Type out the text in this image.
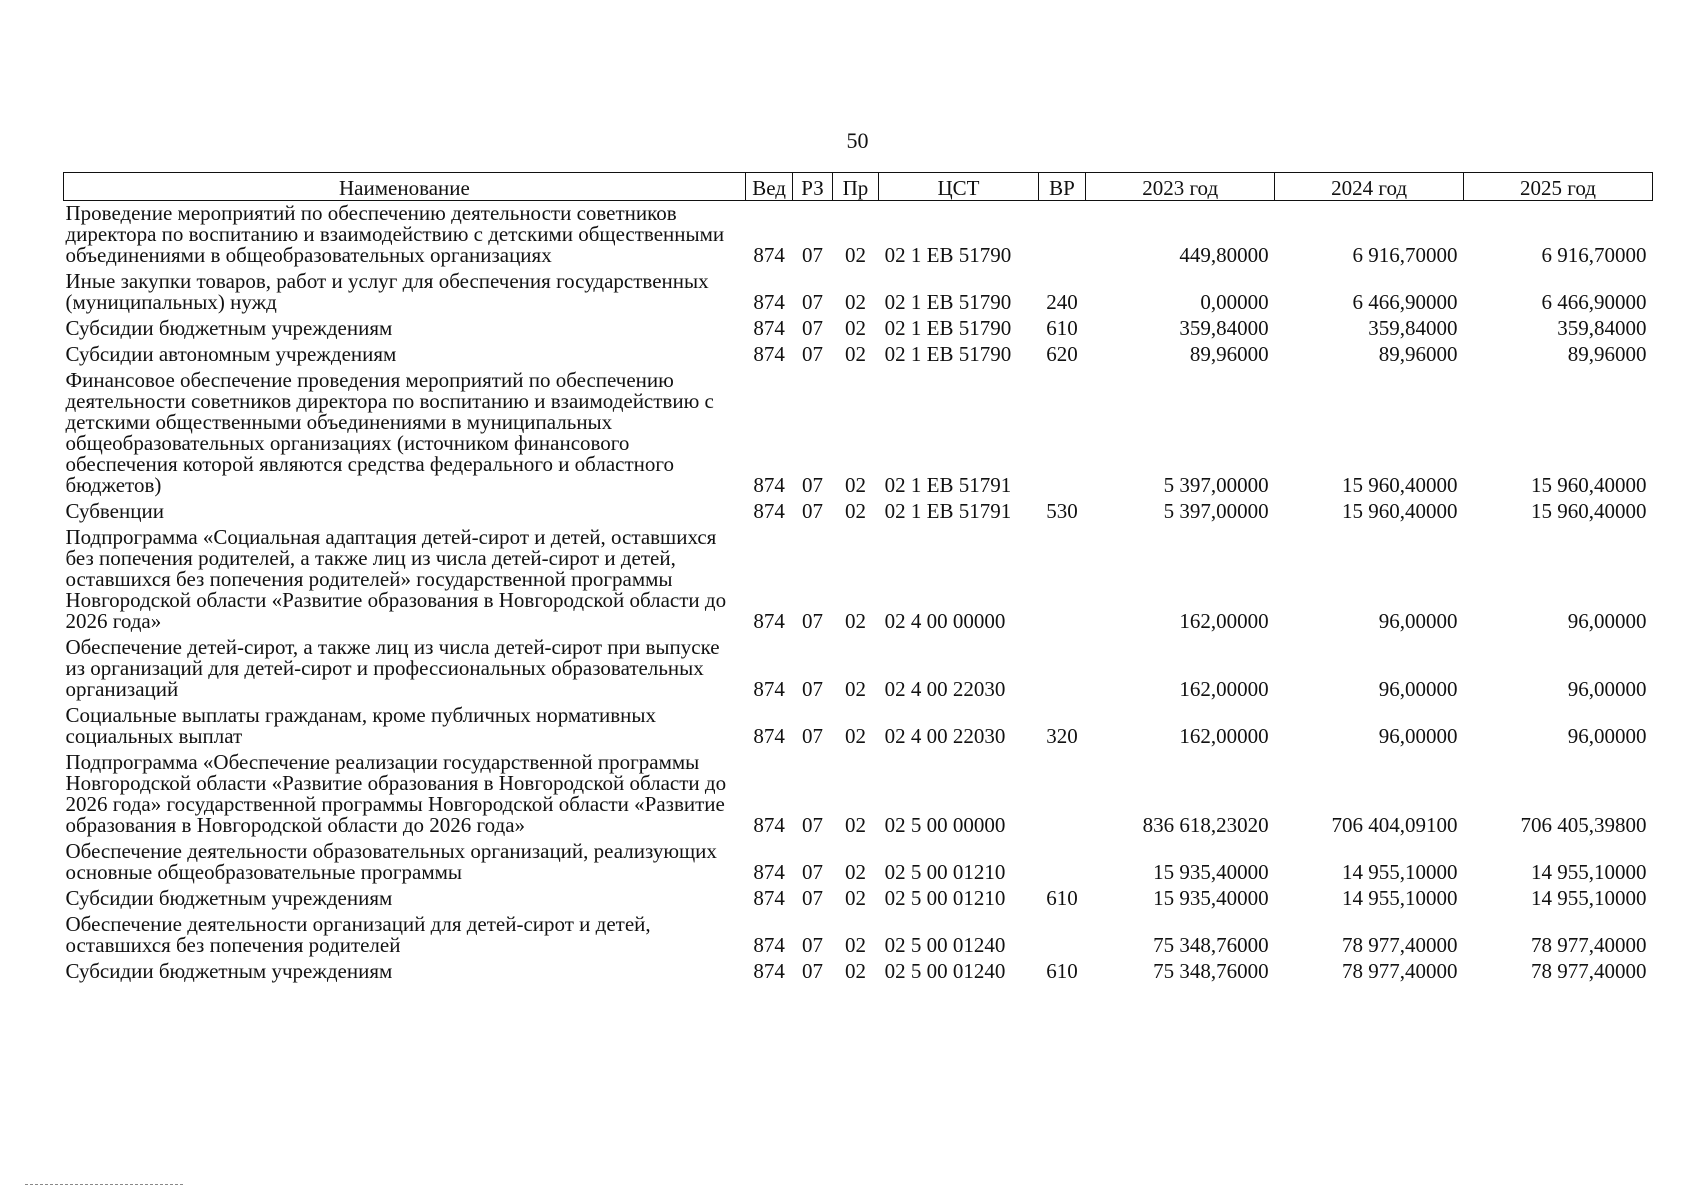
50
Наименование	Вед	РЗ	Пр	ЦСТ	ВР	2023 год	2024 год	2025 год
Проведение мероприятий по обеспечению деятельности советников директора по воспитанию и взаимодействию с детскими общественными объединениями в общеобразовательных организациях	874	07	02	02 1 ЕВ 51790		449,80000	6 916,70000	6 916,70000
Иные закупки товаров, работ и услуг для обеспечения государственных (муниципальных) нужд	874	07	02	02 1 ЕВ 51790	240	0,00000	6 466,90000	6 466,90000
Субсидии бюджетным учреждениям	874	07	02	02 1 ЕВ 51790	610	359,84000	359,84000	359,84000
Субсидии автономным учреждениям	874	07	02	02 1 ЕВ 51790	620	89,96000	89,96000	89,96000
Финансовое обеспечение проведения мероприятий по обеспечению деятельности советников директора по воспитанию и взаимодействию с детскими общественными объединениями в муниципальных общеобразовательных организациях (источником финансового обеспечения которой являются средства федерального и областного бюджетов)	874	07	02	02 1 ЕВ 51791		5 397,00000	15 960,40000	15 960,40000
Субвенции	874	07	02	02 1 ЕВ 51791	530	5 397,00000	15 960,40000	15 960,40000
Подпрограмма «Социальная адаптация детей-сирот и детей, оставшихся без попечения родителей, а также лиц из числа детей-сирот и детей, оставшихся без попечения родителей» государственной программы Новгородской области «Развитие образования в Новгородской области до 2026 года»	874	07	02	02 4 00 00000		162,00000	96,00000	96,00000
Обеспечение детей-сирот, а также лиц из числа детей-сирот при выпуске из организаций для детей-сирот и профессиональных образовательных организаций	874	07	02	02 4 00 22030		162,00000	96,00000	96,00000
Социальные выплаты гражданам, кроме публичных нормативных социальных выплат	874	07	02	02 4 00 22030	320	162,00000	96,00000	96,00000
Подпрограмма «Обеспечение реализации государственной программы Новгородской области «Развитие образования в Новгородской области до 2026 года» государственной программы Новгородской области «Развитие образования в Новгородской области до 2026 года»	874	07	02	02 5 00 00000		836 618,23020	706 404,09100	706 405,39800
Обеспечение деятельности образовательных организаций, реализующих основные общеобразовательные программы	874	07	02	02 5 00 01210		15 935,40000	14 955,10000	14 955,10000
Субсидии бюджетным учреждениям	874	07	02	02 5 00 01210	610	15 935,40000	14 955,10000	14 955,10000
Обеспечение деятельности организаций для детей-сирот и детей, оставшихся без попечения родителей	874	07	02	02 5 00 01240		75 348,76000	78 977,40000	78 977,40000
Субсидии бюджетным учреждениям	874	07	02	02 5 00 01240	610	75 348,76000	78 977,40000	78 977,40000
